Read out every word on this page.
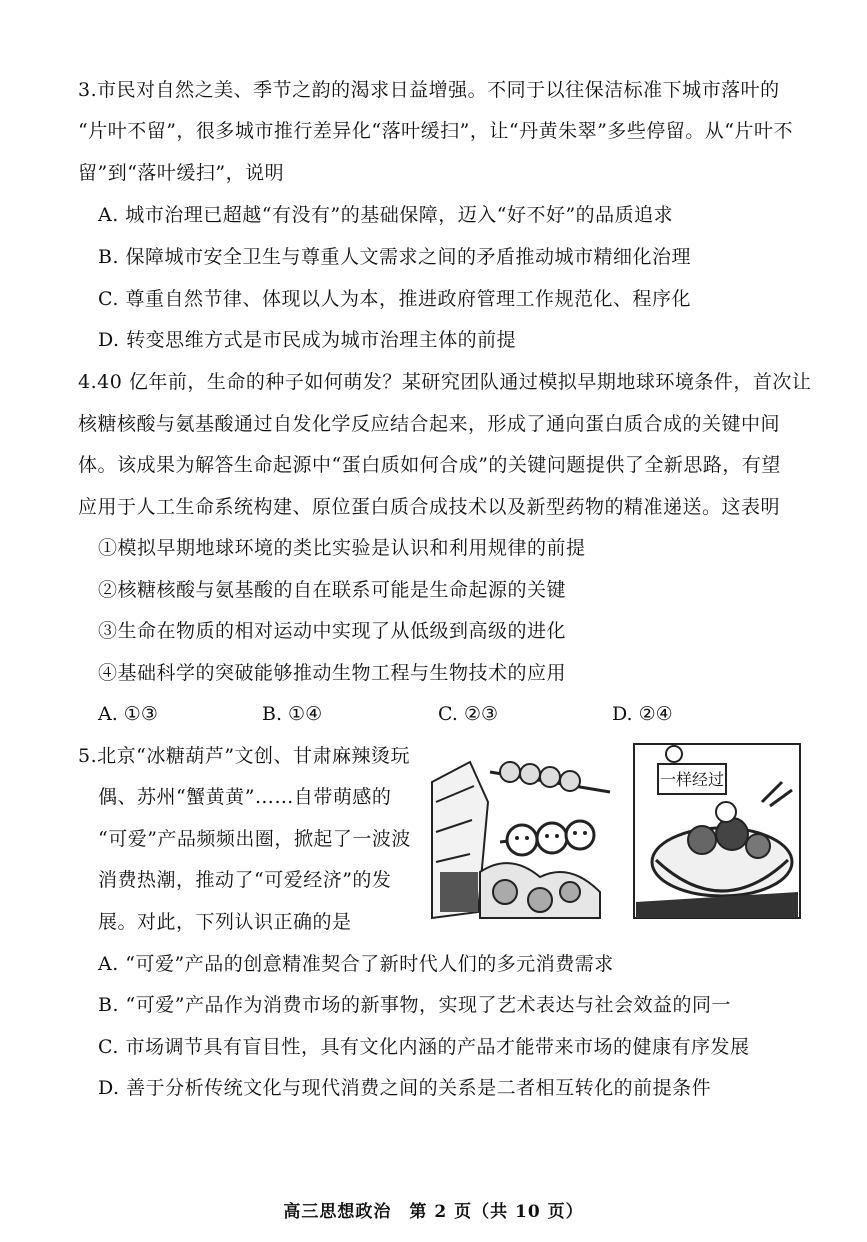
3.市民对自然之美、季节之韵的渴求日益增强。不同于以往保洁标准下城市落叶的
“片叶不留”，很多城市推行差异化“落叶缓扫”，让“丹黄朱翠”多些停留。从“片叶不
留”到“落叶缓扫”，说明
A. 城市治理已超越“有没有”的基础保障，迈入“好不好”的品质追求
B. 保障城市安全卫生与尊重人文需求之间的矛盾推动城市精细化治理
C. 尊重自然节律、体现以人为本，推进政府管理工作规范化、程序化
D. 转变思维方式是市民成为城市治理主体的前提
4.40 亿年前，生命的种子如何萌发？某研究团队通过模拟早期地球环境条件，首次让
核糖核酸与氨基酸通过自发化学反应结合起来，形成了通向蛋白质合成的关键中间
体。该成果为解答生命起源中“蛋白质如何合成”的关键问题提供了全新思路，有望
应用于人工生命系统构建、原位蛋白质合成技术以及新型药物的精准递送。这表明
①模拟早期地球环境的类比实验是认识和利用规律的前提
②核糖核酸与氨基酸的自在联系可能是生命起源的关键
③生命在物质的相对运动中实现了从低级到高级的进化
④基础科学的突破能够推动生物工程与生物技术的应用
A. ①③	B. ①④	C. ②③	D. ②④
5.北京“冰糖葫芦”文创、甘肃麻辣烫玩
偶、苏州“蟹黄黄”……自带萌感的
“可爱”产品频频出圈，掀起了一波波
消费热潮，推动了“可爱经济”的发
展。对此，下列认识正确的是
一样经过
A. “可爱”产品的创意精准契合了新时代人们的多元消费需求
B. “可爱”产品作为消费市场的新事物，实现了艺术表达与社会效益的同一
C. 市场调节具有盲目性，具有文化内涵的产品才能带来市场的健康有序发展
D. 善于分析传统文化与现代消费之间的关系是二者相互转化的前提条件
高三思想政治　第 2 页（共 10 页）
